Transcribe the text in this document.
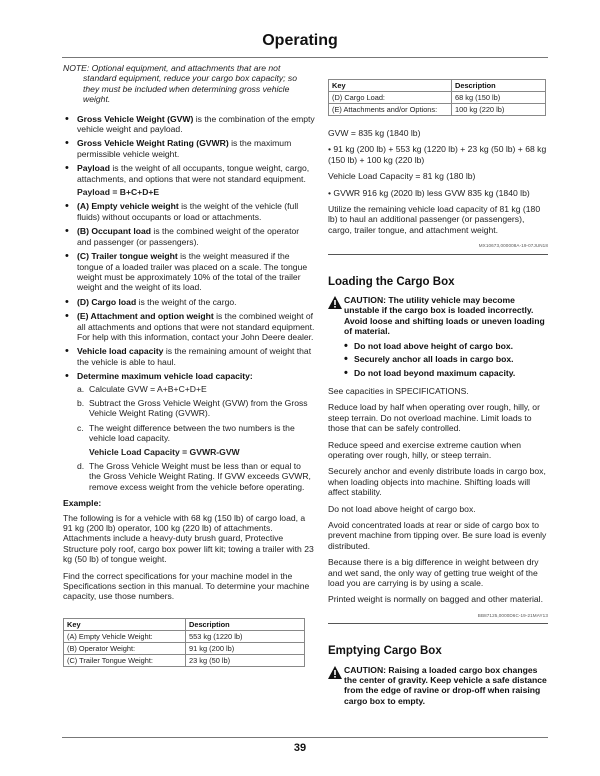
Operating
NOTE: Optional equipment, and attachments that are not standard equipment, reduce your cargo box capacity; so they must be included when determining gross vehicle weight.
• Gross Vehicle Weight (GVW) is the combination of the empty vehicle weight and payload.
• Gross Vehicle Weight Rating (GVWR) is the maximum permissible vehicle weight.
• Payload is the weight of all occupants, tongue weight, cargo, attachments, and options that were not standard equipment.
Payload = B+C+D+E
• (A) Empty vehicle weight is the weight of the vehicle (full fluids) without occupants or load or attachments.
• (B) Occupant load is the combined weight of the operator and passenger (or passengers).
• (C) Trailer tongue weight is the weight measured if the tongue of a loaded trailer was placed on a scale. The tongue weight must be approximately 10% of the total of the trailer weight and the weight of its load.
• (D) Cargo load is the weight of the cargo.
• (E) Attachment and option weight is the combined weight of all attachments and options that were not standard equipment. For help with this information, contact your John Deere dealer.
• Vehicle load capacity is the remaining amount of weight that the vehicle is able to haul.
• Determine maximum vehicle load capacity:
a. Calculate GVW = A+B+C+D+E
b. Subtract the Gross Vehicle Weight (GVW) from the Gross Vehicle Weight Rating (GVWR).
c. The weight difference between the two numbers is the vehicle load capacity.
Vehicle Load Capacity = GVWR-GVW
d. The Gross Vehicle Weight must be less than or equal to the Gross Vehicle Weight Rating. If GVW exceeds GVWR, remove excess weight from the vehicle before operating.
Example:

The following is for a vehicle with 68 kg (150 lb) of cargo load, a 91 kg (200 lb) operator, 100 kg (220 lb) of attachments. Attachments include a heavy-duty brush guard, Protective Structure poly roof, cargo box power lift kit; towing a trailer with 23 kg (50 lb) of tongue weight.

Find the correct specifications for your machine model in the Specifications section in this manual. To determine your machine capacity, use those numbers.

Key	Description
(A) Empty Vehicle Weight:	553 kg (1220 lb)
(B) Operator Weight:	91 kg (200 lb)
(C) Trailer Tongue Weight:	23 kg (50 lb)
Key	Description
(D) Cargo Load:	68 kg (150 lb)
(E) Attachments and/or Options:	100 kg (220 lb)

GVW = 835 kg (1840 lb)

• 91 kg (200 lb) + 553 kg (1220 lb) + 23 kg (50 lb) + 68 kg (150 lb) + 100 kg (220 lb)

Vehicle Load Capacity = 81 kg (180 lb)

• GVWR 916 kg (2020 lb) less GVW 835 kg (1840 lb)

Utilize the remaining vehicle load capacity of 81 kg (180 lb) to haul an additional passenger (or passengers), cargo, trailer tongue, and attachment weight.

MX10673,000008A-19-07JUN18
Loading the Cargo Box
CAUTION: The utility vehicle may become unstable if the cargo box is loaded incorrectly. Avoid loose and shifting loads or uneven loading of material.
• Do not load above height of cargo box.
• Securely anchor all loads in cargo box.
• Do not load beyond maximum capacity.

See capacities in SPECIFICATIONS.

Reduce load by half when operating over rough, hilly, or steep terrain. Do not overload machine. Limit loads to those that can be safely controlled.

Reduce speed and exercise extreme caution when operating over rough, hilly, or steep terrain.

Securely anchor and evenly distribute loads in cargo box, when loading objects into machine. Shifting loads will affect stability.

Do not load above height of cargo box.

Avoid concentrated loads at rear or side of cargo box to prevent machine from tipping over. Be sure load is evenly distributed.

Because there is a big difference in weight between dry and wet sand, the only way of getting true weight of the load you are carrying is by using a scale.

Printed weight is normally on bagged and other material.

BB87125,0000D6C-19-21MAY13
Emptying Cargo Box
CAUTION: Raising a loaded cargo box changes the center of gravity. Keep vehicle a safe distance from the edge of ravine or drop-off when raising cargo box to empty.
39
